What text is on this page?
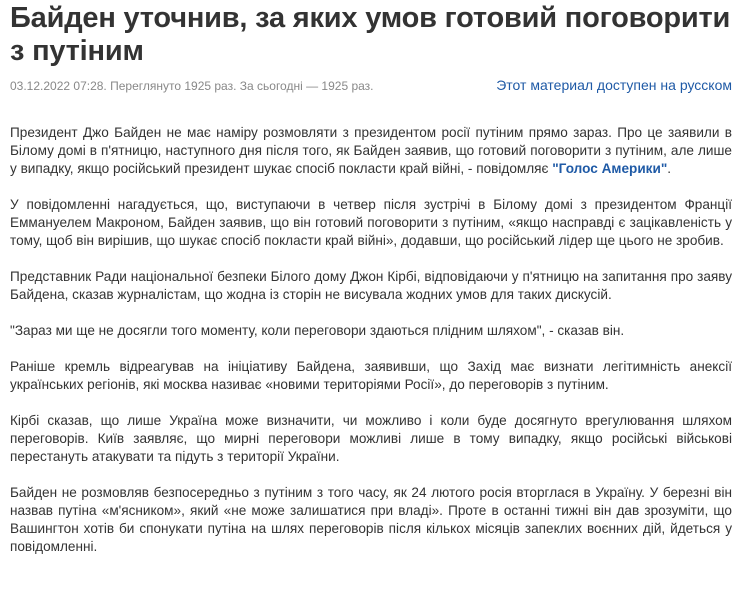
Байден уточнив, за яких умов готовий поговорити з путіним
03.12.2022 07:28. Переглянуто 1925 раз. За сьогодні — 1925 раз.	Этот материал доступен на русском

Президент Джо Байден не має наміру розмовляти з президентом росії путіним прямо зараз. Про це заявили в Білому домі в п'ятницю, наступного дня після того, як Байден заявив, що готовий поговорити з путіним, але лише у випадку, якщо російський президент шукає спосіб покласти край війні, - повідомляє "Голос Америки".

У повідомленні нагадується, що, виступаючи в четвер після зустрічі в Білому домі з президентом Франції Еммануелем Макроном, Байден заявив, що він готовий поговорити з путіним, «якщо насправді є зацікавленість у тому, щоб він вирішив, що шукає спосіб покласти край війні», додавши, що російський лідер ще цього не зробив.

Представник Ради національної безпеки Білого дому Джон Кірбі, відповідаючи у п'ятницю на запитання про заяву Байдена, сказав журналістам, що жодна із сторін не висувала жодних умов для таких дискусій.

"Зараз ми ще не досягли того моменту, коли переговори здаються плідним шляхом", - сказав він.

Раніше кремль відреагував на ініціативу Байдена, заявивши, що Захід має визнати легітимність анексії українських регіонів, які москва називає «новими територіями Росії», до переговорів з путіним.

Кірбі сказав, що лише Україна може визначити, чи можливо і коли буде досягнуто врегулювання шляхом переговорів. Київ заявляє, що мирні переговори можливі лише в тому випадку, якщо російські військові перестануть атакувати та підуть з території України.

Байден не розмовляв безпосередньо з путіним з того часу, як 24 лютого росія вторглася в Україну. У березні він назвав путіна «м'ясником», який «не може залишатися при владі». Проте в останні тижні він дав зрозуміти, що Вашингтон хотів би спонукати путіна на шлях переговорів після кількох місяців запеклих воєнних дій, йдеться у повідомленні.
